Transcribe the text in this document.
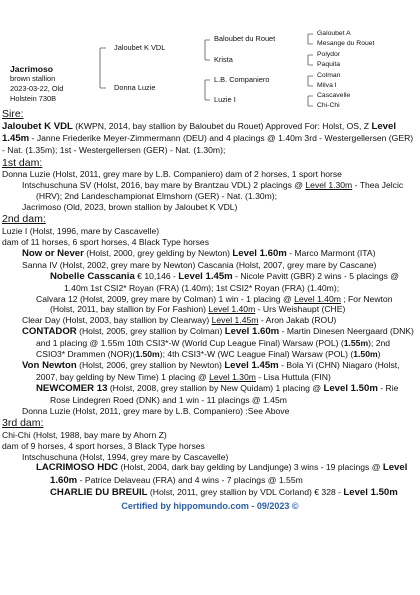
Jacrimoso
brown stallion
2023-03-22, Old
Holstein 730B
Jaloubet K VDL
Donna Luzie
Baloubet du Rouet
Krista
L.B. Companiero
Luzie I
Galoubet A
Mesange du Rouet
Polydor
Paquita
Colman
Milva I
Cascavelle
Chi-Chi
Sire:
Jaloubet K VDL (KWPN, 2014, bay stallion by Baloubet du Rouet) Approved For: Holst, OS, Z Level 1.45m - Janne Friederike Meyer-Zimmermann (DEU) and 4 placings @ 1.40m 3rd - Westergellersen (GER) - Nat. (1.35m); 1st - Westergellersen (GER) - Nat. (1.30m);
1st dam:
Donna Luzie (Holst, 2011, grey mare by L.B. Companiero) dam of 2 horses, 1 sport horse
Intschuschuna SV (Holst, 2016, bay mare by Brantzau VDL) 2 placings @ Level 1.30m - Thea Jelcic (HRV); 2nd Landeschampionat Elmshorn (GER) - Nat. (1.30m);
Jacrimoso (Old, 2023, brown stallion by Jaloubet K VDL)
2nd dam:
Luzie I (Holst, 1996, mare by Cascavelle)
dam of 11 horses, 6 sport horses, 4 Black Type horses
Now or Never (Holst, 2000, grey gelding by Newton) Level 1.60m - Marco Marmont (ITA)
Sanna IV (Holst, 2002, grey mare by Newton) Cascania (Holst, 2007, grey mare by Cascane)
Nobelle Casscania € 10,146 - Level 1.45m - Nicole Pavitt (GBR) 2 wins - 5 placings @ 1.40m 1st CSI2* Royan (FRA) (1.40m); 1st CSI2* Royan (FRA) (1.40m);
Calvara 12 (Holst, 2009, grey mare by Colman) 1 win - 1 placing @ Level 1.40m ; For Newton (Holst, 2011, bay stallion by For Fashion) Level 1.40m - Urs Weishaupt (CHE)
Clear Day (Holst, 2003, bay stallion by Clearway) Level 1.45m - Aron Jakab (ROU)
CONTADOR (Holst, 2005, grey stallion by Colman) Level 1.60m - Martin Dinesen Neergaard (DNK) and 1 placing @ 1.55m 10th CSI3*-W (World Cup League Final) Warsaw (POL) (1.55m); 2nd CSIO3* Drammen (NOR)(1.50m); 4th CSI3*-W (WC League Final) Warsaw (POL) (1.50m)
Von Newton (Holst, 2006, grey stallion by Newton) Level 1.45m - Bola Yi (CHN) Niagaro (Holst, 2007, bay gelding by New Time) 1 placing @ Level 1.30m - Lisa Huttula (FIN)
NEWCOMER 13 (Holst, 2008, grey stallion by New Quidam) 1 placing @ Level 1.50m - Rie Rose Lindegren Roed (DNK) and 1 win - 11 placings @ 1.45m
Donna Luzie (Holst, 2011, grey mare by L.B. Companiero) :See Above
3rd dam:
Chi-Chi (Holst, 1988, bay mare by Ahorn Z)
dam of 9 horses, 4 sport horses, 3 Black Type horses
Intschuschuna (Holst, 1994, grey mare by Cascavelle)
LACRIMOSO HDC (Holst, 2004, dark bay gelding by Landjunge) 3 wins - 19 placings @ Level 1.60m - Patrice Delaveau (FRA) and 4 wins - 7 placings @ 1.55m
CHARLIE DU BREUIL (Holst, 2011, grey stallion by VDL Corland) € 328 - Level 1.50m
Certified by hippomundo.com - 09/2023 ©
